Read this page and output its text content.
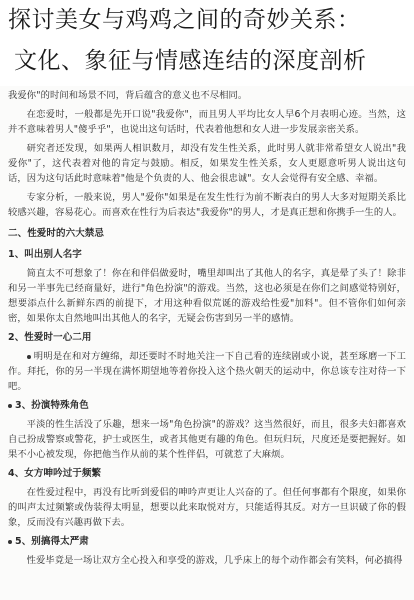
探讨美女与鸡鸡之间的奇妙关系：
文化、象征与情感连结的深度剖析

我爱你"的时间和场景不同，背后蕴含的意义也不尽相同。

在恋爱时，一般都是先开口说"我爱你"，而且男人平均比女人早6个月表明心迹。当然，这并不意味着男人"傻乎乎"，也说出这句话时，代表着他想和女人进一步发展亲密关系。

研究者还发现，如果两人相识数月，却没有发生性关系，此时男人就非常希望女人说出"我爱你"了，这代表着对他的肯定与鼓励。相反，如果发生性关系，女人更愿意听男人说出这句话，因为这句话此时意味着"他是个负责的人、他会很忠诚"。女人会觉得有安全感、幸福。

专家分析，一般来说，男人"爱你"如果是在发生性行为前不断表白的男人大多对短期关系比较感兴趣，容易花心。而喜欢在性行为后表达"我爱你"的男人，才是真正想和你携手一生的人。

二、性爱时的六大禁忌
1、叫出别人名字

简直太不可想象了！你在和伴侣做爱时，嘴里却叫出了其他人的名字，真是晕了头了！除非和另一半事先已经商量好，进行"角色扮演"的游戏。当然，这也必须是在你们之间感觉特别好，想要添点什么新鲜东西的前提下，才用这种看似荒诞的游戏给性爱"加料"。但不管你们如何亲密，如果你太自然地叫出其他人的名字，无疑会伤害到另一半的感情。

2、性爱时一心二用

明明是在和对方缠绵，却还要时不时地关注一下自己看的连续剧或小说，甚至琢磨一下工作。拜托，你的另一半现在满怀期望地等着你投入这个热火朝天的运动中，你总该专注对待一下吧。

3、扮演特殊角色

平淡的性生活没了乐趣，想来一场"角色扮演"的游戏？这当然很好，而且，很多夫妇都喜欢自己扮成警察或警花，护士或医生，或者其他更有趣的角色。但玩归玩，尺度还是要把握好。如果不小心被发现，你把他当作从前的某个性伴侣，可就惹了大麻烦。

4、女方呻吟过于频繁

在性爱过程中，再没有比听到爱侣的呻吟声更让人兴奋的了。但任何事都有个限度，如果你的叫声太过频繁或伪装得太明显，想要以此来取悦对方，只能适得其反。对方一旦识破了你的假象，反而没有兴趣再做下去。

5、别搞得太严肃

性爱毕竟是一场让双方全心投入和享受的游戏，几乎床上的每个动作都会有笑料，何必搞得
